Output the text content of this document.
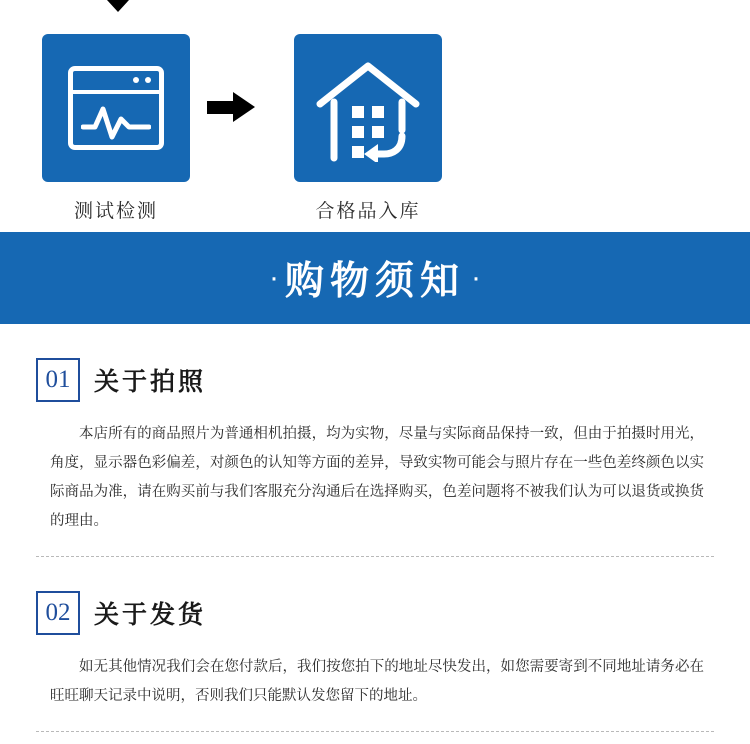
测试检测	合格品入库
· 购物须知 ·
01 关于拍照
本店所有的商品照片为普通相机拍摄，均为实物，尽量与实际商品保持一致，但由于拍摄时用光，角度，显示器色彩偏差，对颜色的认知等方面的差异，导致实物可能会与照片存在一些色差终颜色以实际商品为准，请在购买前与我们客服充分沟通后在选择购买，色差问题将不被我们认为可以退货或换货的理由。
02 关于发货
如无其他情况我们会在您付款后，我们按您拍下的地址尽快发出，如您需要寄到不同地址请务必在旺旺聊天记录中说明，否则我们只能默认发您留下的地址。
